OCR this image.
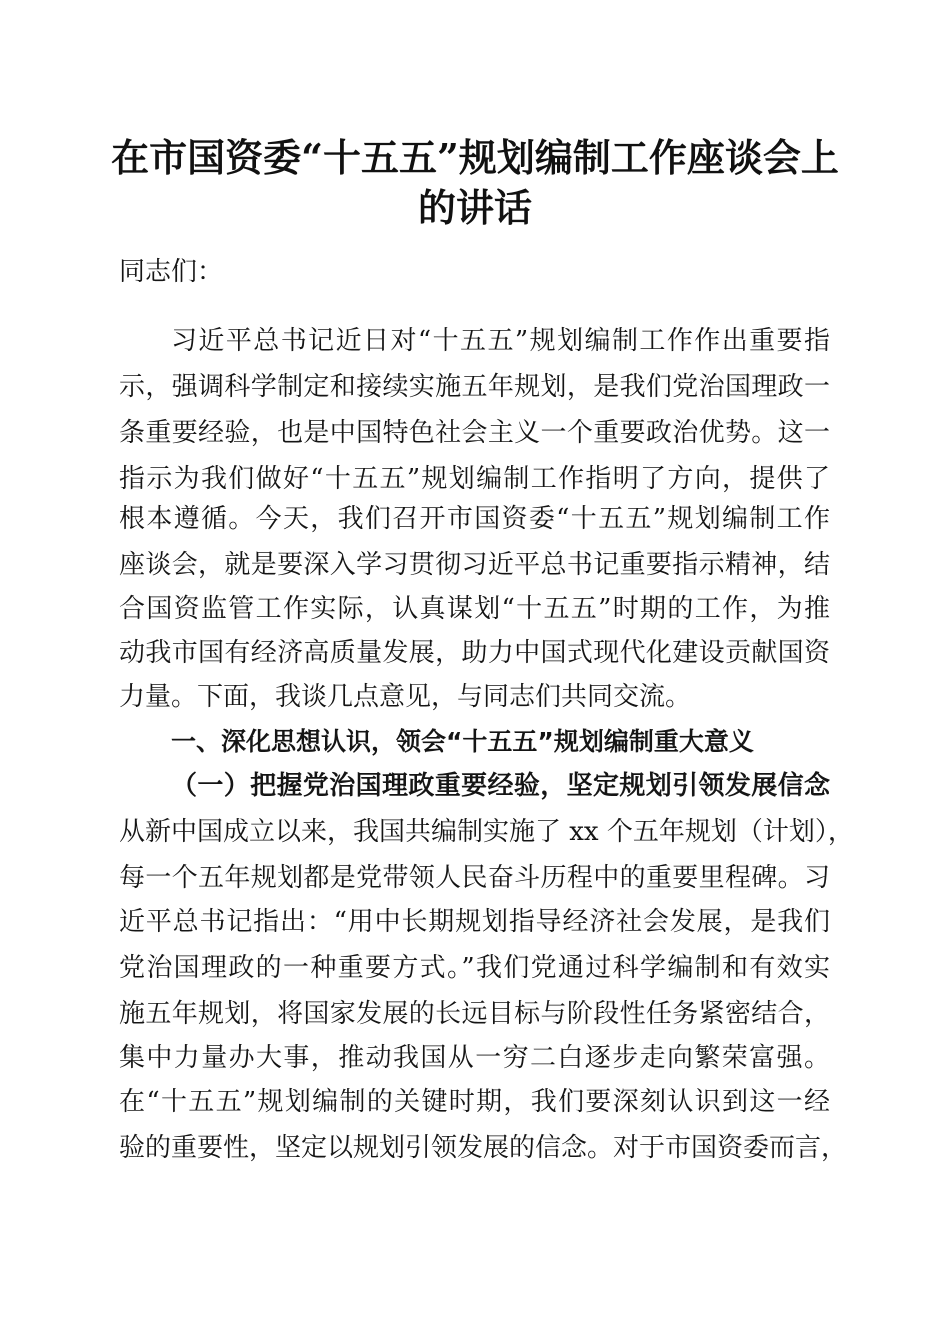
在市国资委“十五五”规划编制工作座谈会上
的讲话
同志们：
习近平总书记近日对“十五五”规划编制工作作出重要指
示，强调科学制定和接续实施五年规划，是我们党治国理政一
条重要经验，也是中国特色社会主义一个重要政治优势。这一
指示为我们做好“十五五”规划编制工作指明了方向，提供了
根本遵循。今天，我们召开市国资委“十五五”规划编制工作
座谈会，就是要深入学习贯彻习近平总书记重要指示精神，结
合国资监管工作实际，认真谋划“十五五”时期的工作，为推
动我市国有经济高质量发展，助力中国式现代化建设贡献国资
力量。下面，我谈几点意见，与同志们共同交流。
一、深化思想认识，领会“十五五”规划编制重大意义
（一）把握党治国理政重要经验，坚定规划引领发展信念
从新中国成立以来，我国共编制实施了 xx 个五年规划（计划），
每一个五年规划都是党带领人民奋斗历程中的重要里程碑。习
近平总书记指出：“用中长期规划指导经济社会发展，是我们
党治国理政的一种重要方式。”我们党通过科学编制和有效实
施五年规划，将国家发展的长远目标与阶段性任务紧密结合，
集中力量办大事，推动我国从一穷二白逐步走向繁荣富强。
在“十五五”规划编制的关键时期，我们要深刻认识到这一经
验的重要性，坚定以规划引领发展的信念。对于市国资委而言，
